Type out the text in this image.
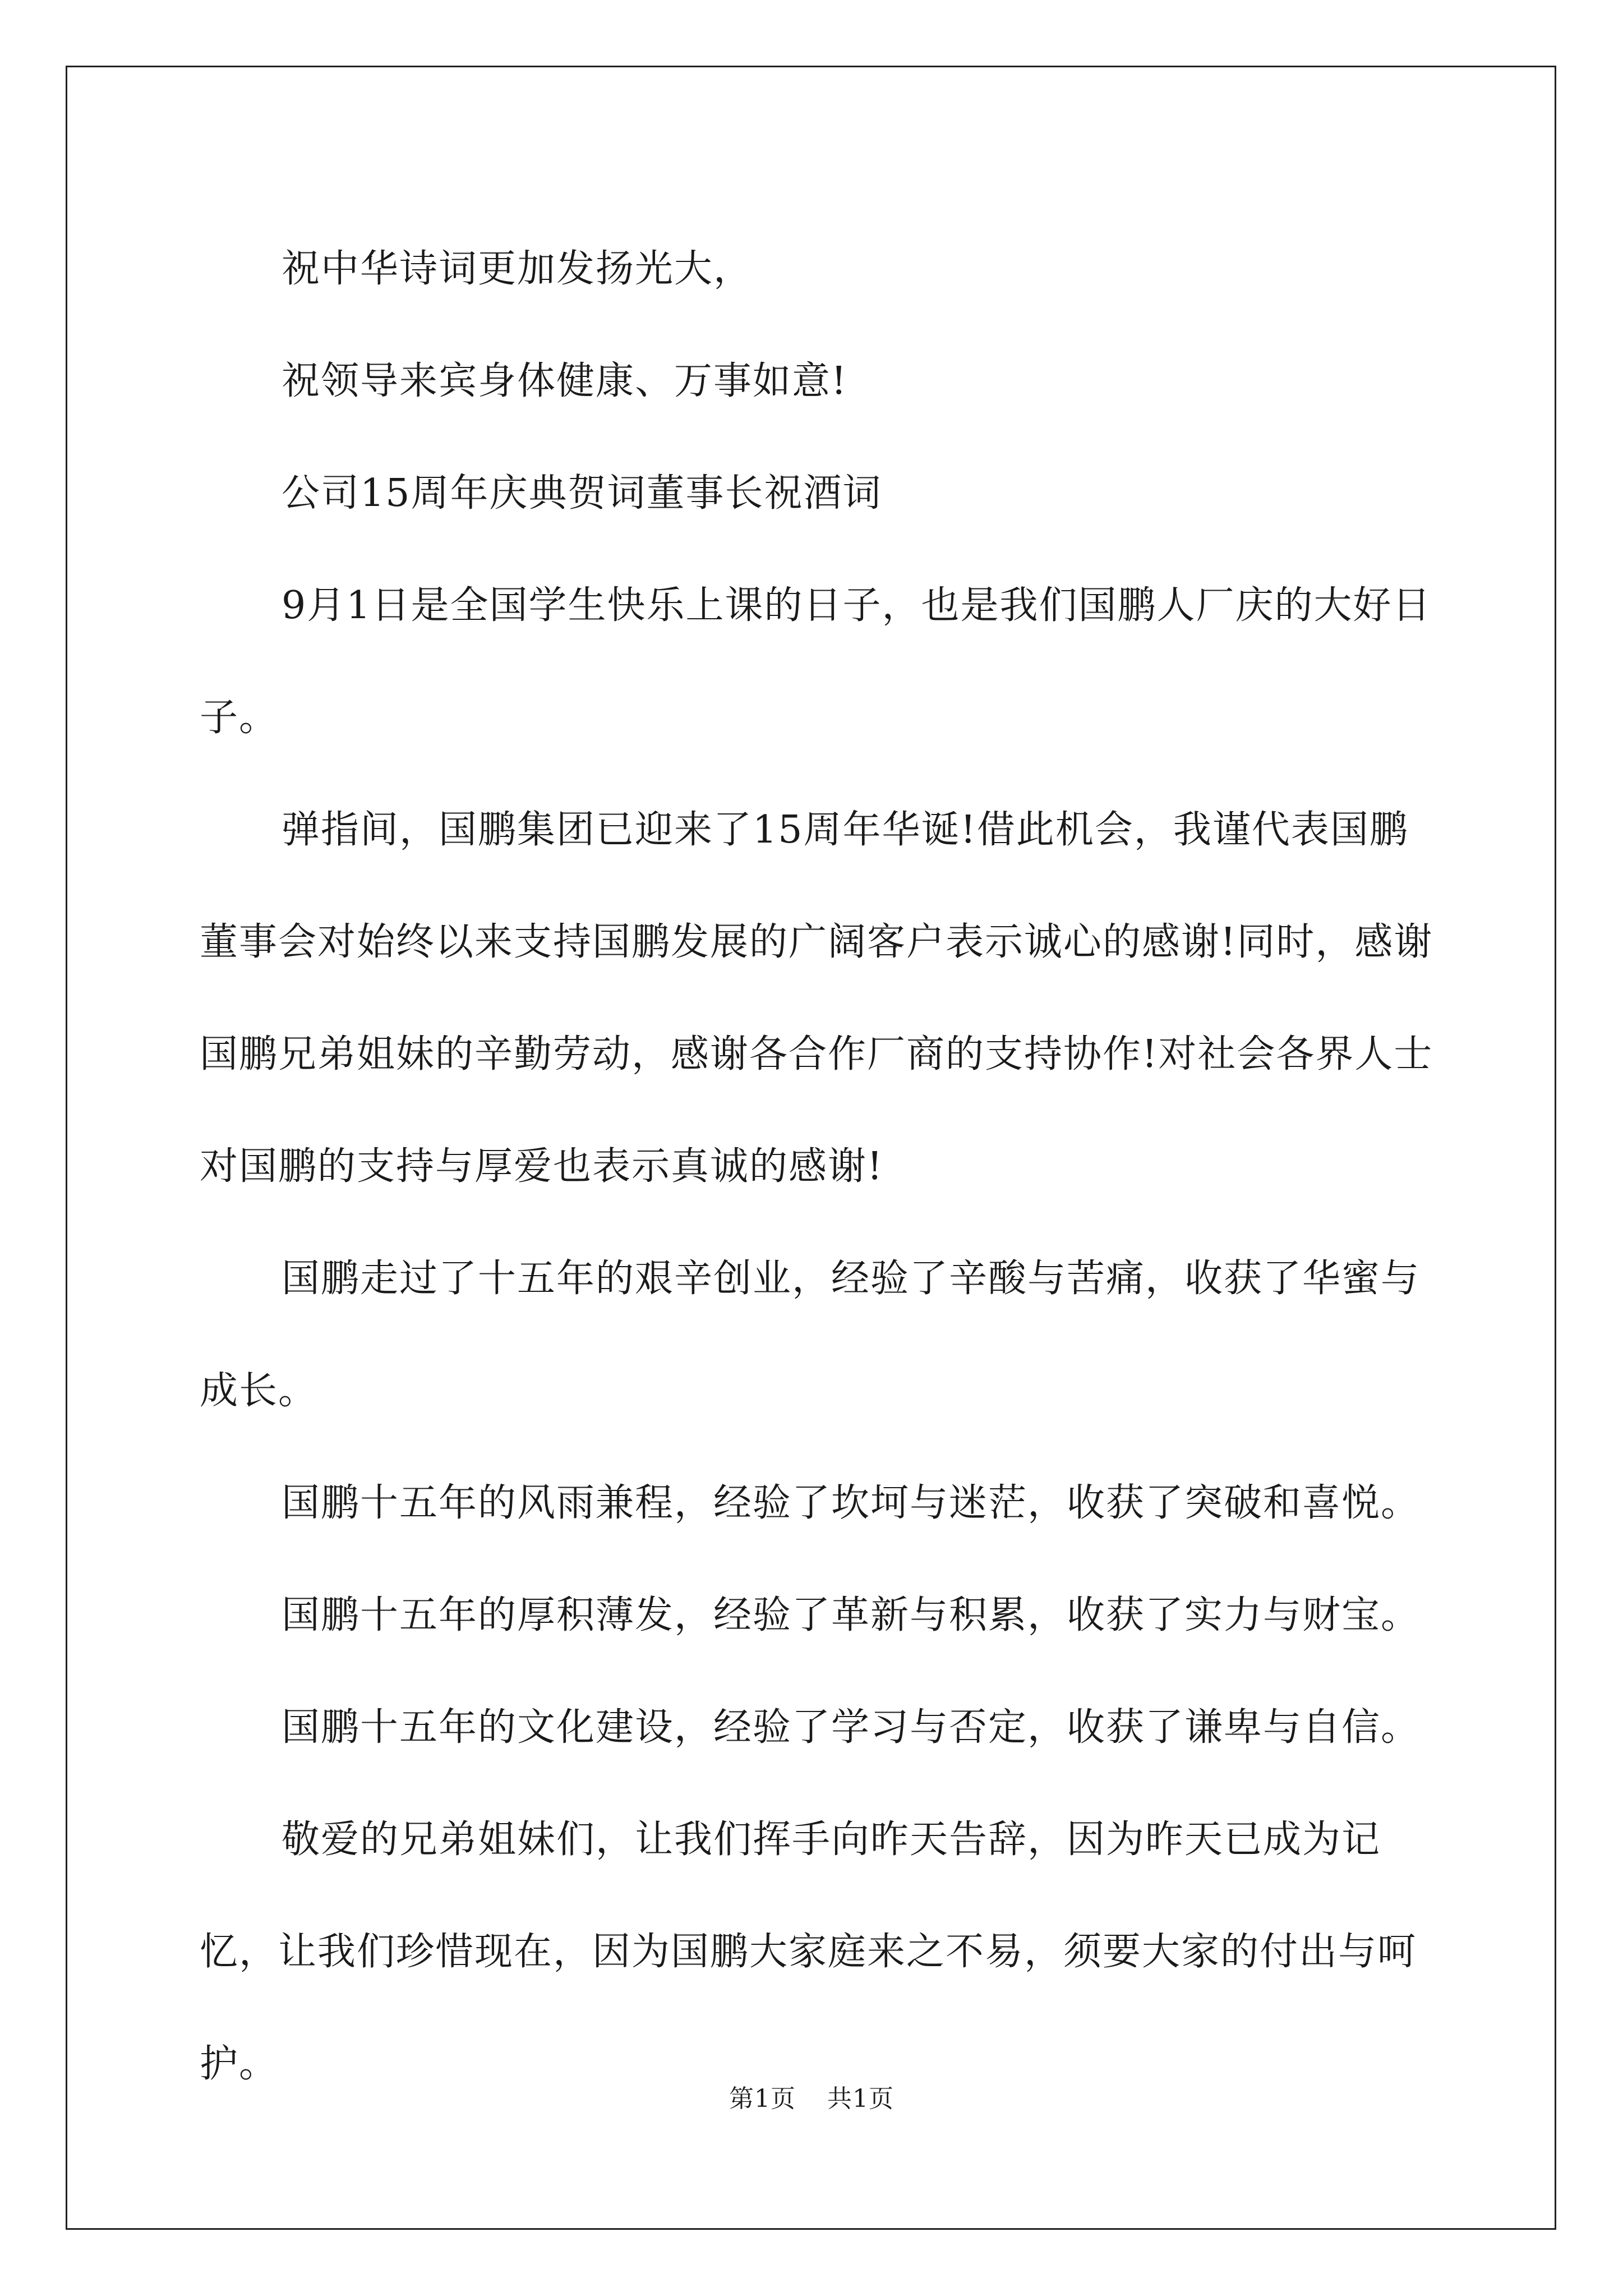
祝中华诗词更加发扬光大，

祝领导来宾身体健康、万事如意!

公司15周年庆典贺词董事长祝酒词

9月1日是全国学生快乐上课的日子，也是我们国鹏人厂庆的大好日子。

弹指间，国鹏集团已迎来了15周年华诞!借此机会，我谨代表国鹏董事会对始终以来支持国鹏发展的广阔客户表示诚心的感谢!同时，感谢国鹏兄弟姐妹的辛勤劳动，感谢各合作厂商的支持协作!对社会各界人士对国鹏的支持与厚爱也表示真诚的感谢!

国鹏走过了十五年的艰辛创业，经验了辛酸与苦痛，收获了华蜜与成长。

国鹏十五年的风雨兼程，经验了坎坷与迷茫，收获了突破和喜悦。

国鹏十五年的厚积薄发，经验了革新与积累，收获了实力与财宝。

国鹏十五年的文化建设，经验了学习与否定，收获了谦卑与自信。

敬爱的兄弟姐妹们，让我们挥手向昨天告辞，因为昨天已成为记忆，让我们珍惜现在，因为国鹏大家庭来之不易，须要大家的付出与呵护。

第1页 共1页
